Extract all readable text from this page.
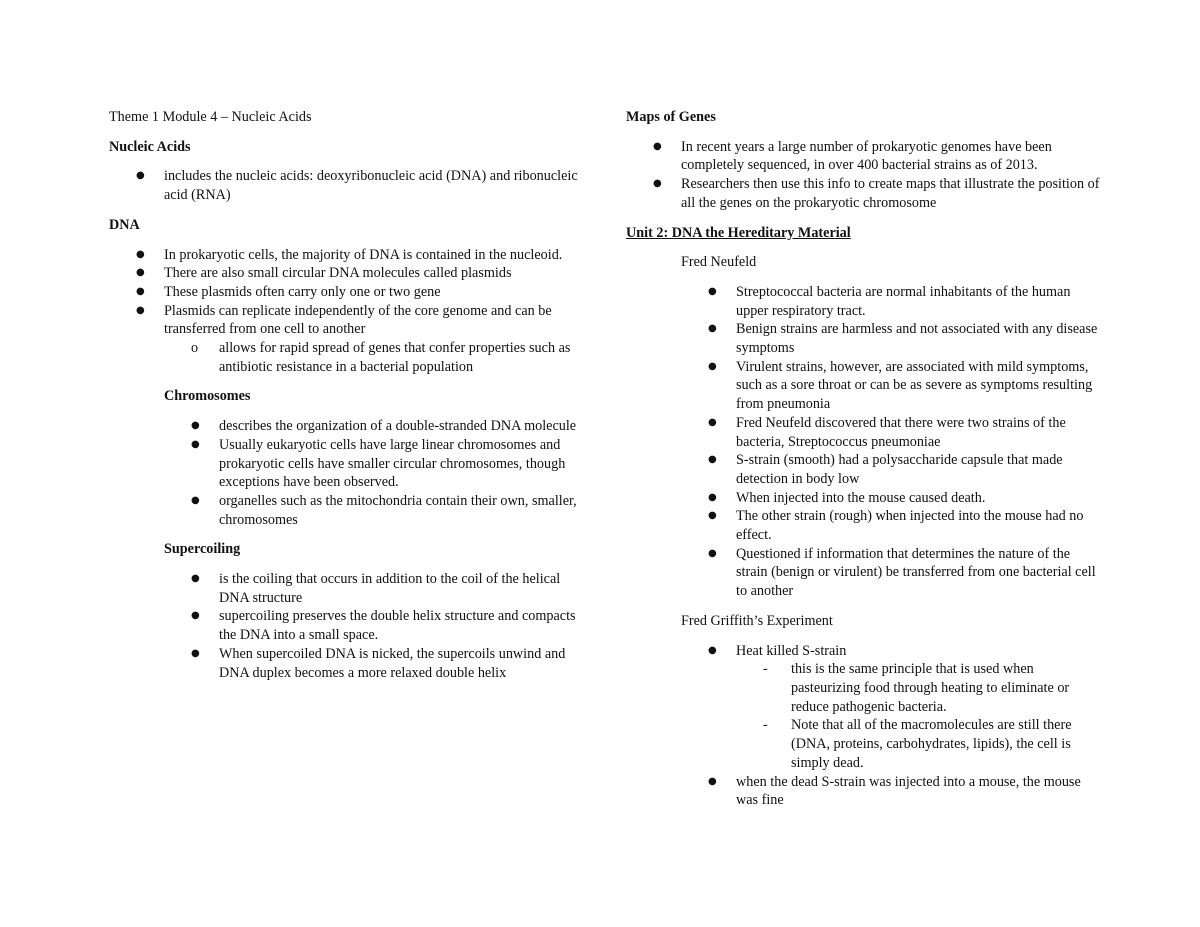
Theme 1 Module 4 – Nucleic Acids

Nucleic Acids

● includes the nucleic acids: deoxyribonucleic acid (DNA) and ribonucleic acid (RNA)

DNA

● In prokaryotic cells, the majority of DNA is contained in the nucleoid.
● There are also small circular DNA molecules called plasmids
● These plasmids often carry only one or two gene
● Plasmids can replicate independently of the core genome and can be transferred from one cell to another
o allows for rapid spread of genes that confer properties such as antibiotic resistance in a bacterial population

Chromosomes

● describes the organization of a double-stranded DNA molecule
● Usually eukaryotic cells have large linear chromosomes and prokaryotic cells have smaller circular chromosomes, though exceptions have been observed.
● organelles such as the mitochondria contain their own, smaller, chromosomes

Supercoiling

● is the coiling that occurs in addition to the coil of the helical DNA structure
● supercoiling preserves the double helix structure and compacts the DNA into a small space.
● When supercoiled DNA is nicked, the supercoils unwind and DNA duplex becomes a more relaxed double helix

Maps of Genes

● In recent years a large number of prokaryotic genomes have been completely sequenced, in over 400 bacterial strains as of 2013.
● Researchers then use this info to create maps that illustrate the position of all the genes on the prokaryotic chromosome

Unit 2: DNA the Hereditary Material

Fred Neufeld

● Streptococcal bacteria are normal inhabitants of the human upper respiratory tract.
● Benign strains are harmless and not associated with any disease symptoms
● Virulent strains, however, are associated with mild symptoms, such as a sore throat or can be as severe as symptoms resulting from pneumonia
● Fred Neufeld discovered that there were two strains of the bacteria, Streptococcus pneumoniae
● S-strain (smooth) had a polysaccharide capsule that made detection in body low
● When injected into the mouse caused death.
● The other strain (rough) when injected into the mouse had no effect.
● Questioned if information that determines the nature of the strain (benign or virulent) be transferred from one bacterial cell to another

Fred Griffith’s Experiment

● Heat killed S-strain
- this is the same principle that is used when pasteurizing food through heating to eliminate or reduce pathogenic bacteria.
- Note that all of the macromolecules are still there (DNA, proteins, carbohydrates, lipids), the cell is simply dead.
● when the dead S-strain was injected into a mouse, the mouse was fine
